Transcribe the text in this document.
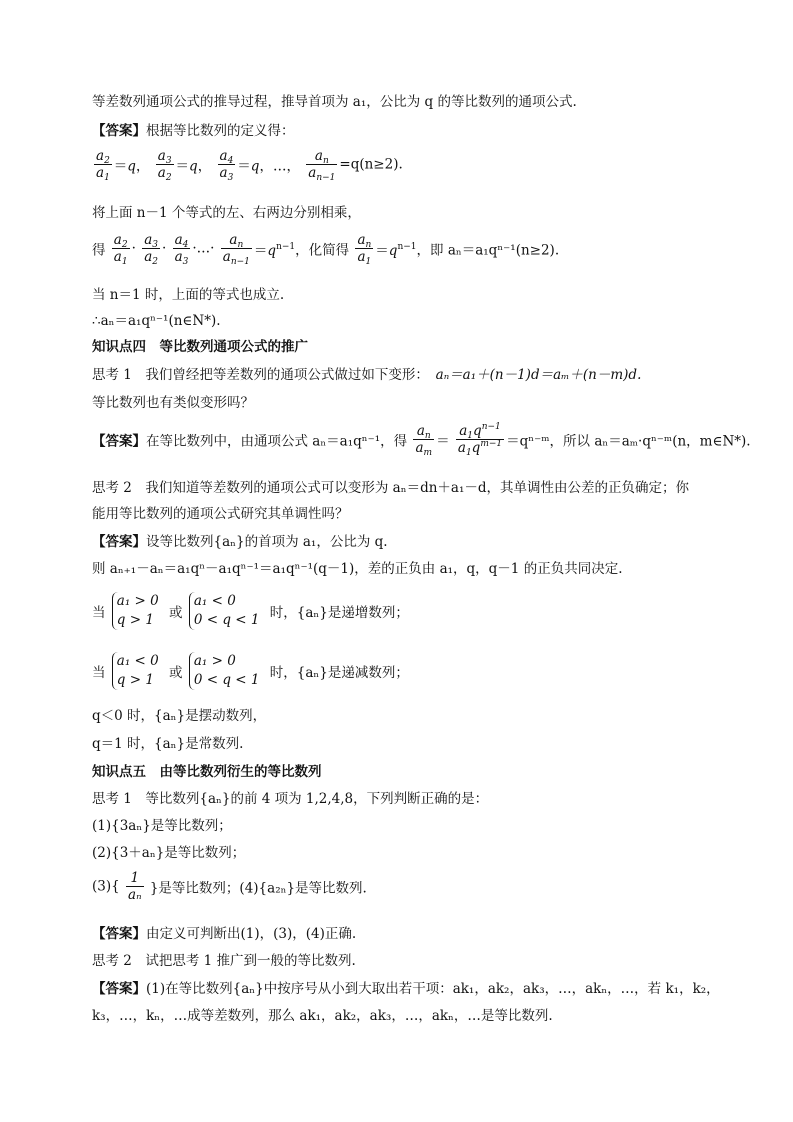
等差数列通项公式的推导过程，推导首项为 a₁，公比为 q 的等比数列的通项公式.
【答案】根据等比数列的定义得：
$\frac{a_2}{a_1} =q$， $\frac{a_3}{a_2} =q$， $\frac{a_4}{a_3} =q$，…， $\frac{a_n}{a_{n-1}} =q(n\ge 2)$.
将上面 n－1 个等式的左、右两边分别相乘，
得 $\frac{a_2}{a_1} \cdot \frac{a_3}{a_2} \cdot \frac{a_4}{a_3}$ ·…· $\frac{a_n}{a_{n-1}} =q^{n-1}$，化简得 $\frac{a_n}{a_1} =q^{n-1}$，即 aₙ＝a₁qⁿ⁻¹(n≥2).
当 n＝1 时，上面的等式也成立.
∴aₙ＝a₁qⁿ⁻¹(n∈N*).
知识点四　等比数列通项公式的推广
思考 1　 我们曾经把等差数列的通项公式做过如下变形：　 aₙ＝a₁＋(n－1)d＝aₘ＋(n－m)d.
等比数列也有类似变形吗？
【答案】在等比数列中，由通项公式 aₙ＝a₁qⁿ⁻¹，得 $\frac{a_n}{a_m} = \frac{a_1q^{n-1}}{a_1q^{m-1}}$ ＝qⁿ⁻ᵐ，所以 aₙ＝aₘ·qⁿ⁻ᵐ(n，m∈N*).
思考 2　 我们知道等差数列的通项公式可以变形为 aₙ＝dn＋a₁－d，其单调性由公差的正负确定；你
能用等比数列的通项公式研究其单调性吗？
【答案】设等比数列{aₙ}的首项为 a₁，公比为 q.
则 aₙ₊₁－aₙ＝a₁qⁿ－a₁qⁿ⁻¹＝a₁qⁿ⁻¹(q－1)，差的正负由 a₁，q，q－1 的正负共同决定.
当
a₁ > 0
q > 1	或
a₁ < 0
0 < q < 1 时，{aₙ}是递增数列；
当
a₁ < 0
q > 1	或
a₁ > 0
0 < q < 1 时，{aₙ}是递减数列；
q＜0 时，{aₙ}是摆动数列，
q＝1 时，{aₙ}是常数列.
知识点五　由等比数列衍生的等比数列
思考 1　 等比数列{aₙ}的前 4 项为 1,2,4,8，下列判断正确的是：
(1){3aₙ}是等比数列；
(2){3＋aₙ}是等比数列；
$(3)\{ \frac{1}{\text{aₙ}}$ }是等比数列；(4){a₂ₙ}是等比数列.
【答案】由定义可判断出(1)，(3)，(4)正确.
思考 2　 试把思考 1 推广到一般的等比数列.
【答案】(1)在等比数列{aₙ}中按序号从小到大取出若干项：ak₁，ak₂，ak₃，…，akₙ，…，若 k₁，k₂，
k₃，…，kₙ，…成等差数列，那么 ak₁，ak₂，ak₃，…，akₙ，…是等比数列.
